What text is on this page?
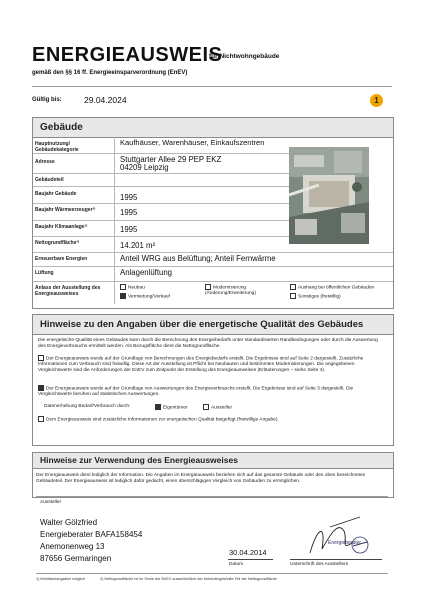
ENERGIEAUSWEIS
für Nichtwohngebäude
gemäß den §§ 16 ff. Energieeinsparverordnung (EnEV)
Gültig bis:	29.04.2024	1
Gebäude
Hauptnutzung/
Gebäudekategorie
Kaufhäuser, Warenhäuser, Einkaufszentren
Adresse	Stuttgarter Allee 29 PEP EKZ
04209 Leipzig
Gebäudeteil
Baujahr Gebäude	1995
Baujahr Wärmeerzeuger¹⁾	1995
Baujahr Klimaanlage¹⁾	1995
Nettogrundfläche²⁾	14.201 m²
Erneuerbare Energien	Anteil WRG aus Belüftung; Anteil Fernwärme
Lüftung	Anlagenlüftung
Anlass der Ausstellung des Energieausweises
Neubau
Vermietung/Verkauf
Modernisierung (Änderung/Erweiterung)
Aushang bei öffentlichen Gebäuden
Sonstiges (freiwillig)
Hinweise zu den Angaben über die energetische Qualität des Gebäudes
Die energetische Qualität eines Gebäudes kann durch die Berechnung des Energiebedarfs unter standardisierten Randbedingungen oder durch die Auswertung des Energieverbrauchs ermittelt werden. Als Bezugsfläche dient die Nettogrundfläche.
Der Energieausweis wurde auf der Grundlage von Berechnungen des Energiebedarfs erstellt. Die Ergebnisse sind auf Seite 2 dargestellt. Zusätzliche Informationen zum Verbrauch sind freiwillig. Diese Art der Ausstellung ist Pflicht bei Neubauten und bestimmten Modernisierungen. Die angegebenen Vergleichswerte sind die Anforderungen der EnEV zum Zeitpunkt der Erstellung des Energieausweises (Erläuterungen – siehe Seite 4).
Der Energieausweis wurde auf der Grundlage von Auswertungen des Energieverbrauchs erstellt. Die Ergebnisse sind auf Seite 3 dargestellt. Die Vergleichswerte beruhen auf statistischen Auswertungen.
Datenerhebung Bedarf/Verbrauch durch:	Eigentümer	Aussteller
Dem Energieausweis sind zusätzliche Informationen zur energetischen Qualität beigefügt (freiwillige Angabe).
Hinweise zur Verwendung des Energieausweises
Der Energieausweis dient lediglich der Information. Die Angaben im Energieausweis beziehen sich auf das gesamte Gebäude oder den oben bezeichneten Gebäudeteil. Der Energieausweis ist lediglich dafür gedacht, einen überschlägigen Vergleich von Gebäuden zu ermöglichen.
Aussteller
Walter Gölzfried
Energieberater BAFA158454
Anemonenweg 13
87656 Germaringen
Energieberater
30.04.2014
Datum	Unterschrift des Ausstellers
1) Mehrfachangaben möglich	2) Nettogrundfläche ist im Sinne der EnEV ausschließlich der beheizte/gekühlte Teil der Nettogrundfläche
